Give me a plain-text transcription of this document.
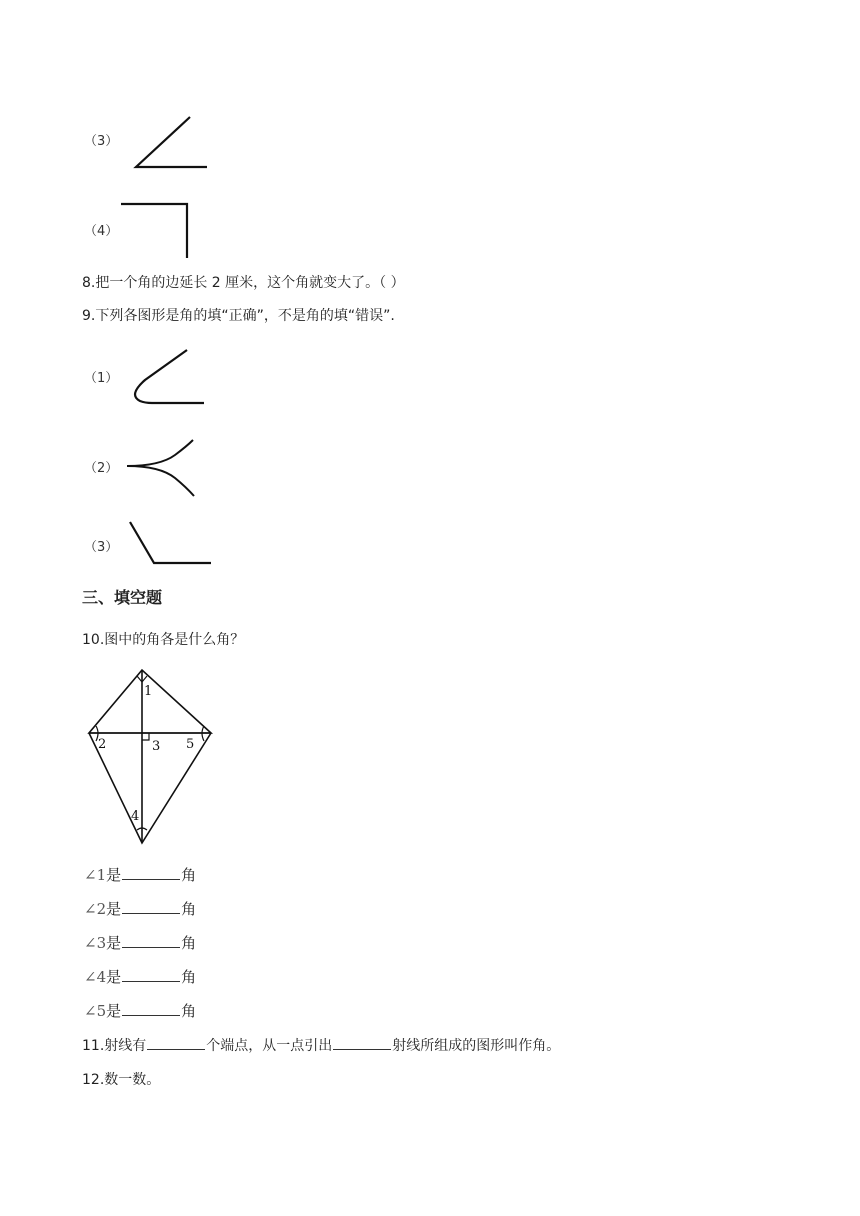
（3）
（4）
8.把一个角的边延长 2 厘米，这个角就变大了。（ ）
9.下列各图形是角的填“正确”，不是角的填“错误”.
（1）
（2）
（3）
三、填空题
10.图中的角各是什么角？
1
2	3
4
5
∠1是	角
∠2是	角
∠3是	角
∠4是	角
∠5是	角
11.射线有	个端点，从一点引出	射线所组成的图形叫作角。
12.数一数。
